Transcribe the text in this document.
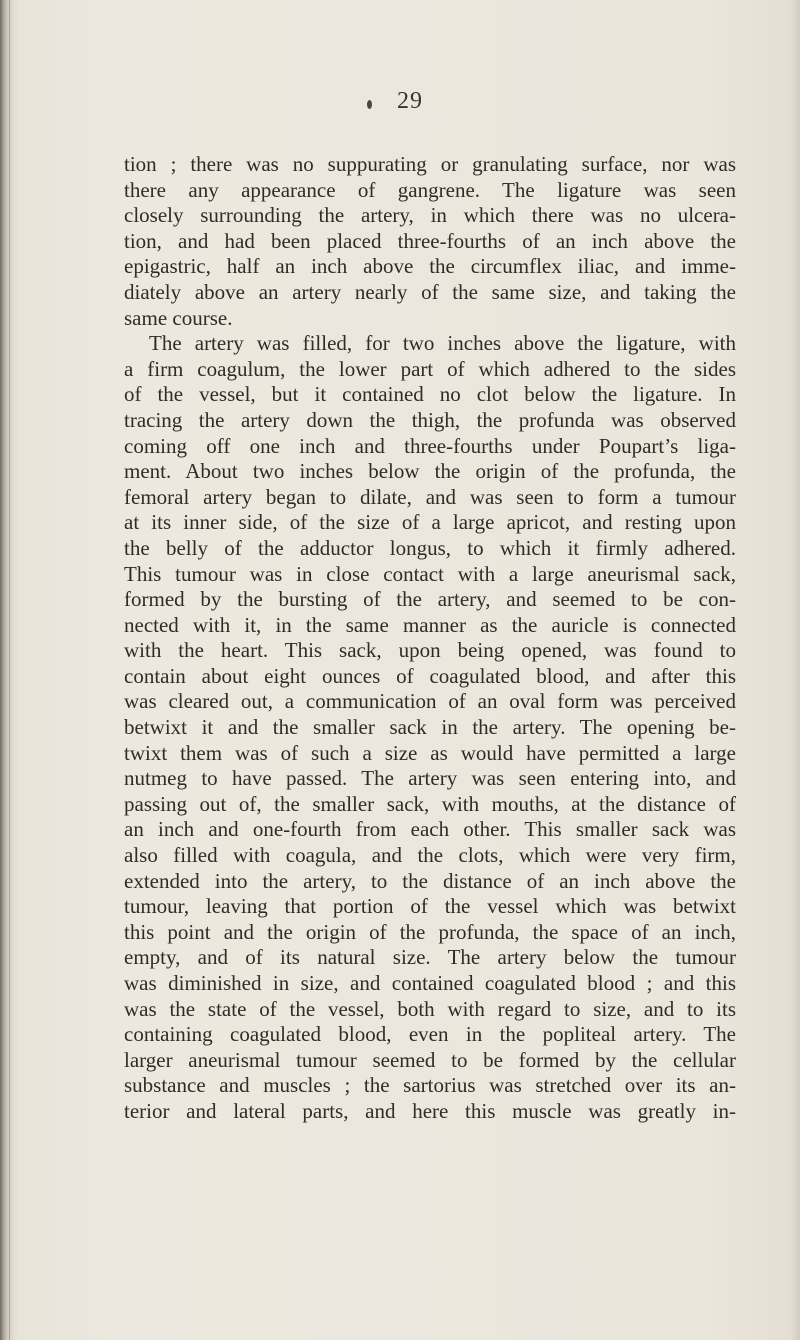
29
tion ; there was no suppurating or granulating surface, nor was
there any appearance of gangrene. The ligature was seen
closely surrounding the artery, in which there was no ulcera-
tion, and had been placed three-fourths of an inch above the
epigastric, half an inch above the circumflex iliac, and imme-
diately above an artery nearly of the same size, and taking the
same course.
The artery was filled, for two inches above the ligature, with
a firm coagulum, the lower part of which adhered to the sides
of the vessel, but it contained no clot below the ligature. In
tracing the artery down the thigh, the profunda was observed
coming off one inch and three-fourths under Poupart’s liga-
ment. About two inches below the origin of the profunda, the
femoral artery began to dilate, and was seen to form a tumour
at its inner side, of the size of a large apricot, and resting upon
the belly of the adductor longus, to which it firmly adhered.
This tumour was in close contact with a large aneurismal sack,
formed by the bursting of the artery, and seemed to be con-
nected with it, in the same manner as the auricle is connected
with the heart. This sack, upon being opened, was found to
contain about eight ounces of coagulated blood, and after this
was cleared out, a communication of an oval form was perceived
betwixt it and the smaller sack in the artery. The opening be-
twixt them was of such a size as would have permitted a large
nutmeg to have passed. The artery was seen entering into, and
passing out of, the smaller sack, with mouths, at the distance of
an inch and one-fourth from each other. This smaller sack was
also filled with coagula, and the clots, which were very firm,
extended into the artery, to the distance of an inch above the
tumour, leaving that portion of the vessel which was betwixt
this point and the origin of the profunda, the space of an inch,
empty, and of its natural size. The artery below the tumour
was diminished in size, and contained coagulated blood ; and this
was the state of the vessel, both with regard to size, and to its
containing coagulated blood, even in the popliteal artery. The
larger aneurismal tumour seemed to be formed by the cellular
substance and muscles ; the sartorius was stretched over its an-
terior and lateral parts, and here this muscle was greatly in-
